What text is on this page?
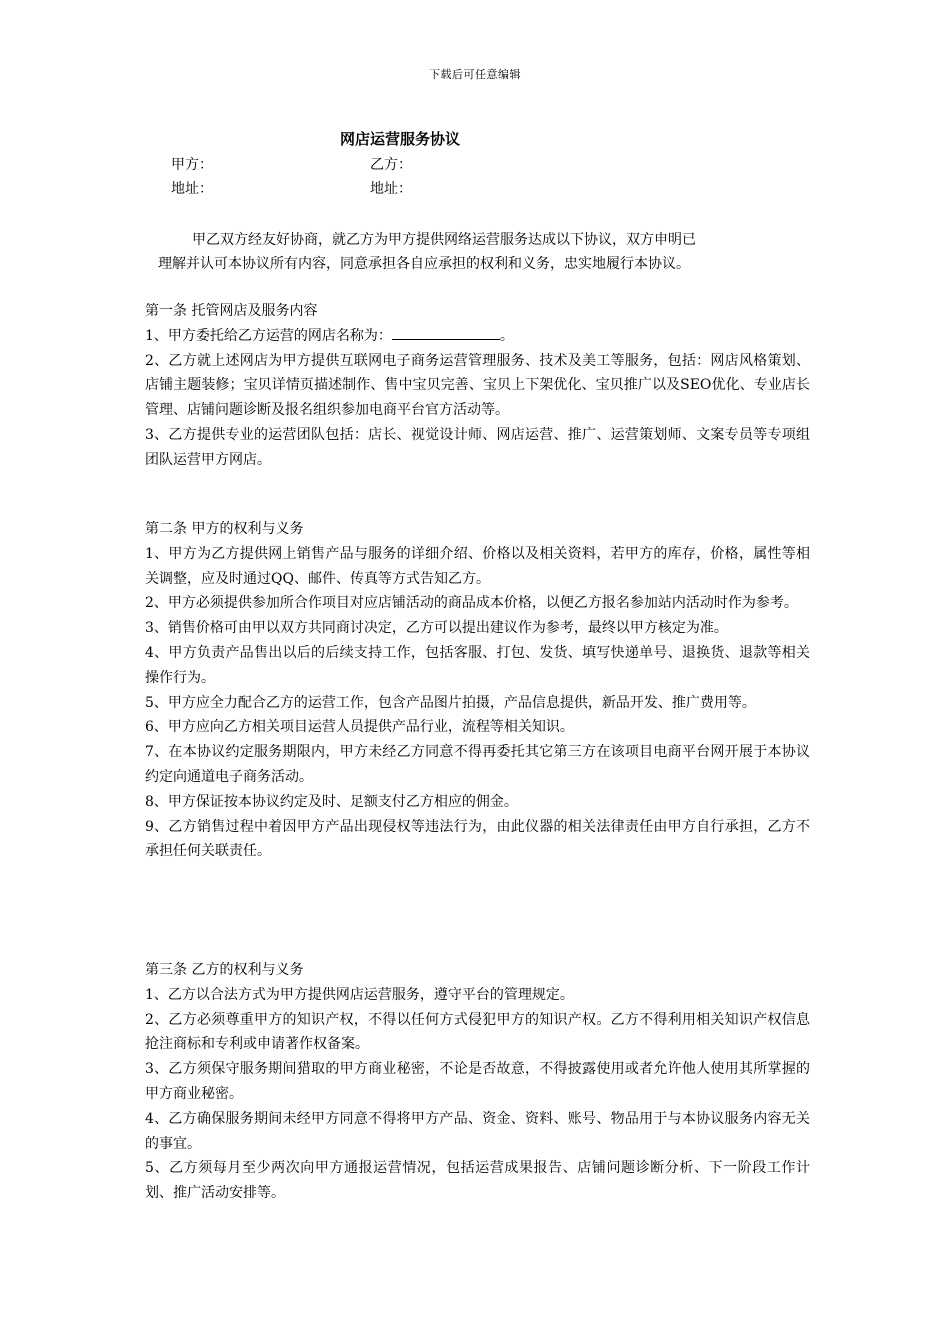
下载后可任意编辑
网店运营服务协议
甲方：	乙方：
地址：	地址：

甲乙双方经友好协商，就乙方为甲方提供网络运营服务达成以下协议，双方申明已

理解并认可本协议所有内容，同意承担各自应承担的权利和义务，忠实地履行本协议。

第一条 托管网店及服务内容

1、甲方委托给乙方运营的网店名称为：	。

2、乙方就上述网店为甲方提供互联网电子商务运营管理服务、技术及美工等服务，包括：网店风格策划、店铺主题装修；宝贝详情页描述制作、售中宝贝完善、宝贝上下架优化、宝贝推广以及SEO优化、专业店长管理、店铺问题诊断及报名组织参加电商平台官方活动等。

3、乙方提供专业的运营团队包括：店长、视觉设计师、网店运营、推广、运营策划师、文案专员等专项组团队运营甲方网店。

第二条 甲方的权利与义务

1、甲方为乙方提供网上销售产品与服务的详细介绍、价格以及相关资料，若甲方的库存，价格，属性等相关调整，应及时通过QQ、邮件、传真等方式告知乙方。

2、甲方必须提供参加所合作项目对应店铺活动的商品成本价格，以便乙方报名参加站内活动时作为参考。

3、销售价格可由甲以双方共同商讨决定，乙方可以提出建议作为参考，最终以甲方核定为准。

4、甲方负责产品售出以后的后续支持工作，包括客服、打包、发货、填写快递单号、退换货、退款等相关操作行为。

5、甲方应全力配合乙方的运营工作，包含产品图片拍摄，产品信息提供，新品开发、推广费用等。

6、甲方应向乙方相关项目运营人员提供产品行业，流程等相关知识。

7、在本协议约定服务期限内，甲方未经乙方同意不得再委托其它第三方在该项目电商平台网开展于本协议约定向通道电子商务活动。

8、甲方保证按本协议约定及时、足额支付乙方相应的佣金。

9、乙方销售过程中着因甲方产品出现侵权等违法行为，由此仪器的相关法律责任由甲方自行承担，乙方不承担任何关联责任。

第三条 乙方的权利与义务

1、乙方以合法方式为甲方提供网店运营服务，遵守平台的管理规定。

2、乙方必须尊重甲方的知识产权，不得以任何方式侵犯甲方的知识产权。乙方不得利用相关知识产权信息抢注商标和专利或申请著作权备案。

3、乙方须保守服务期间猎取的甲方商业秘密，不论是否故意，不得披露使用或者允许他人使用其所掌握的甲方商业秘密。

4、乙方确保服务期间未经甲方同意不得将甲方产品、资金、资料、账号、物品用于与本协议服务内容无关的事宜。

5、乙方须每月至少两次向甲方通报运营情况，包括运营成果报告、店铺问题诊断分析、下一阶段工作计划、推广活动安排等。
